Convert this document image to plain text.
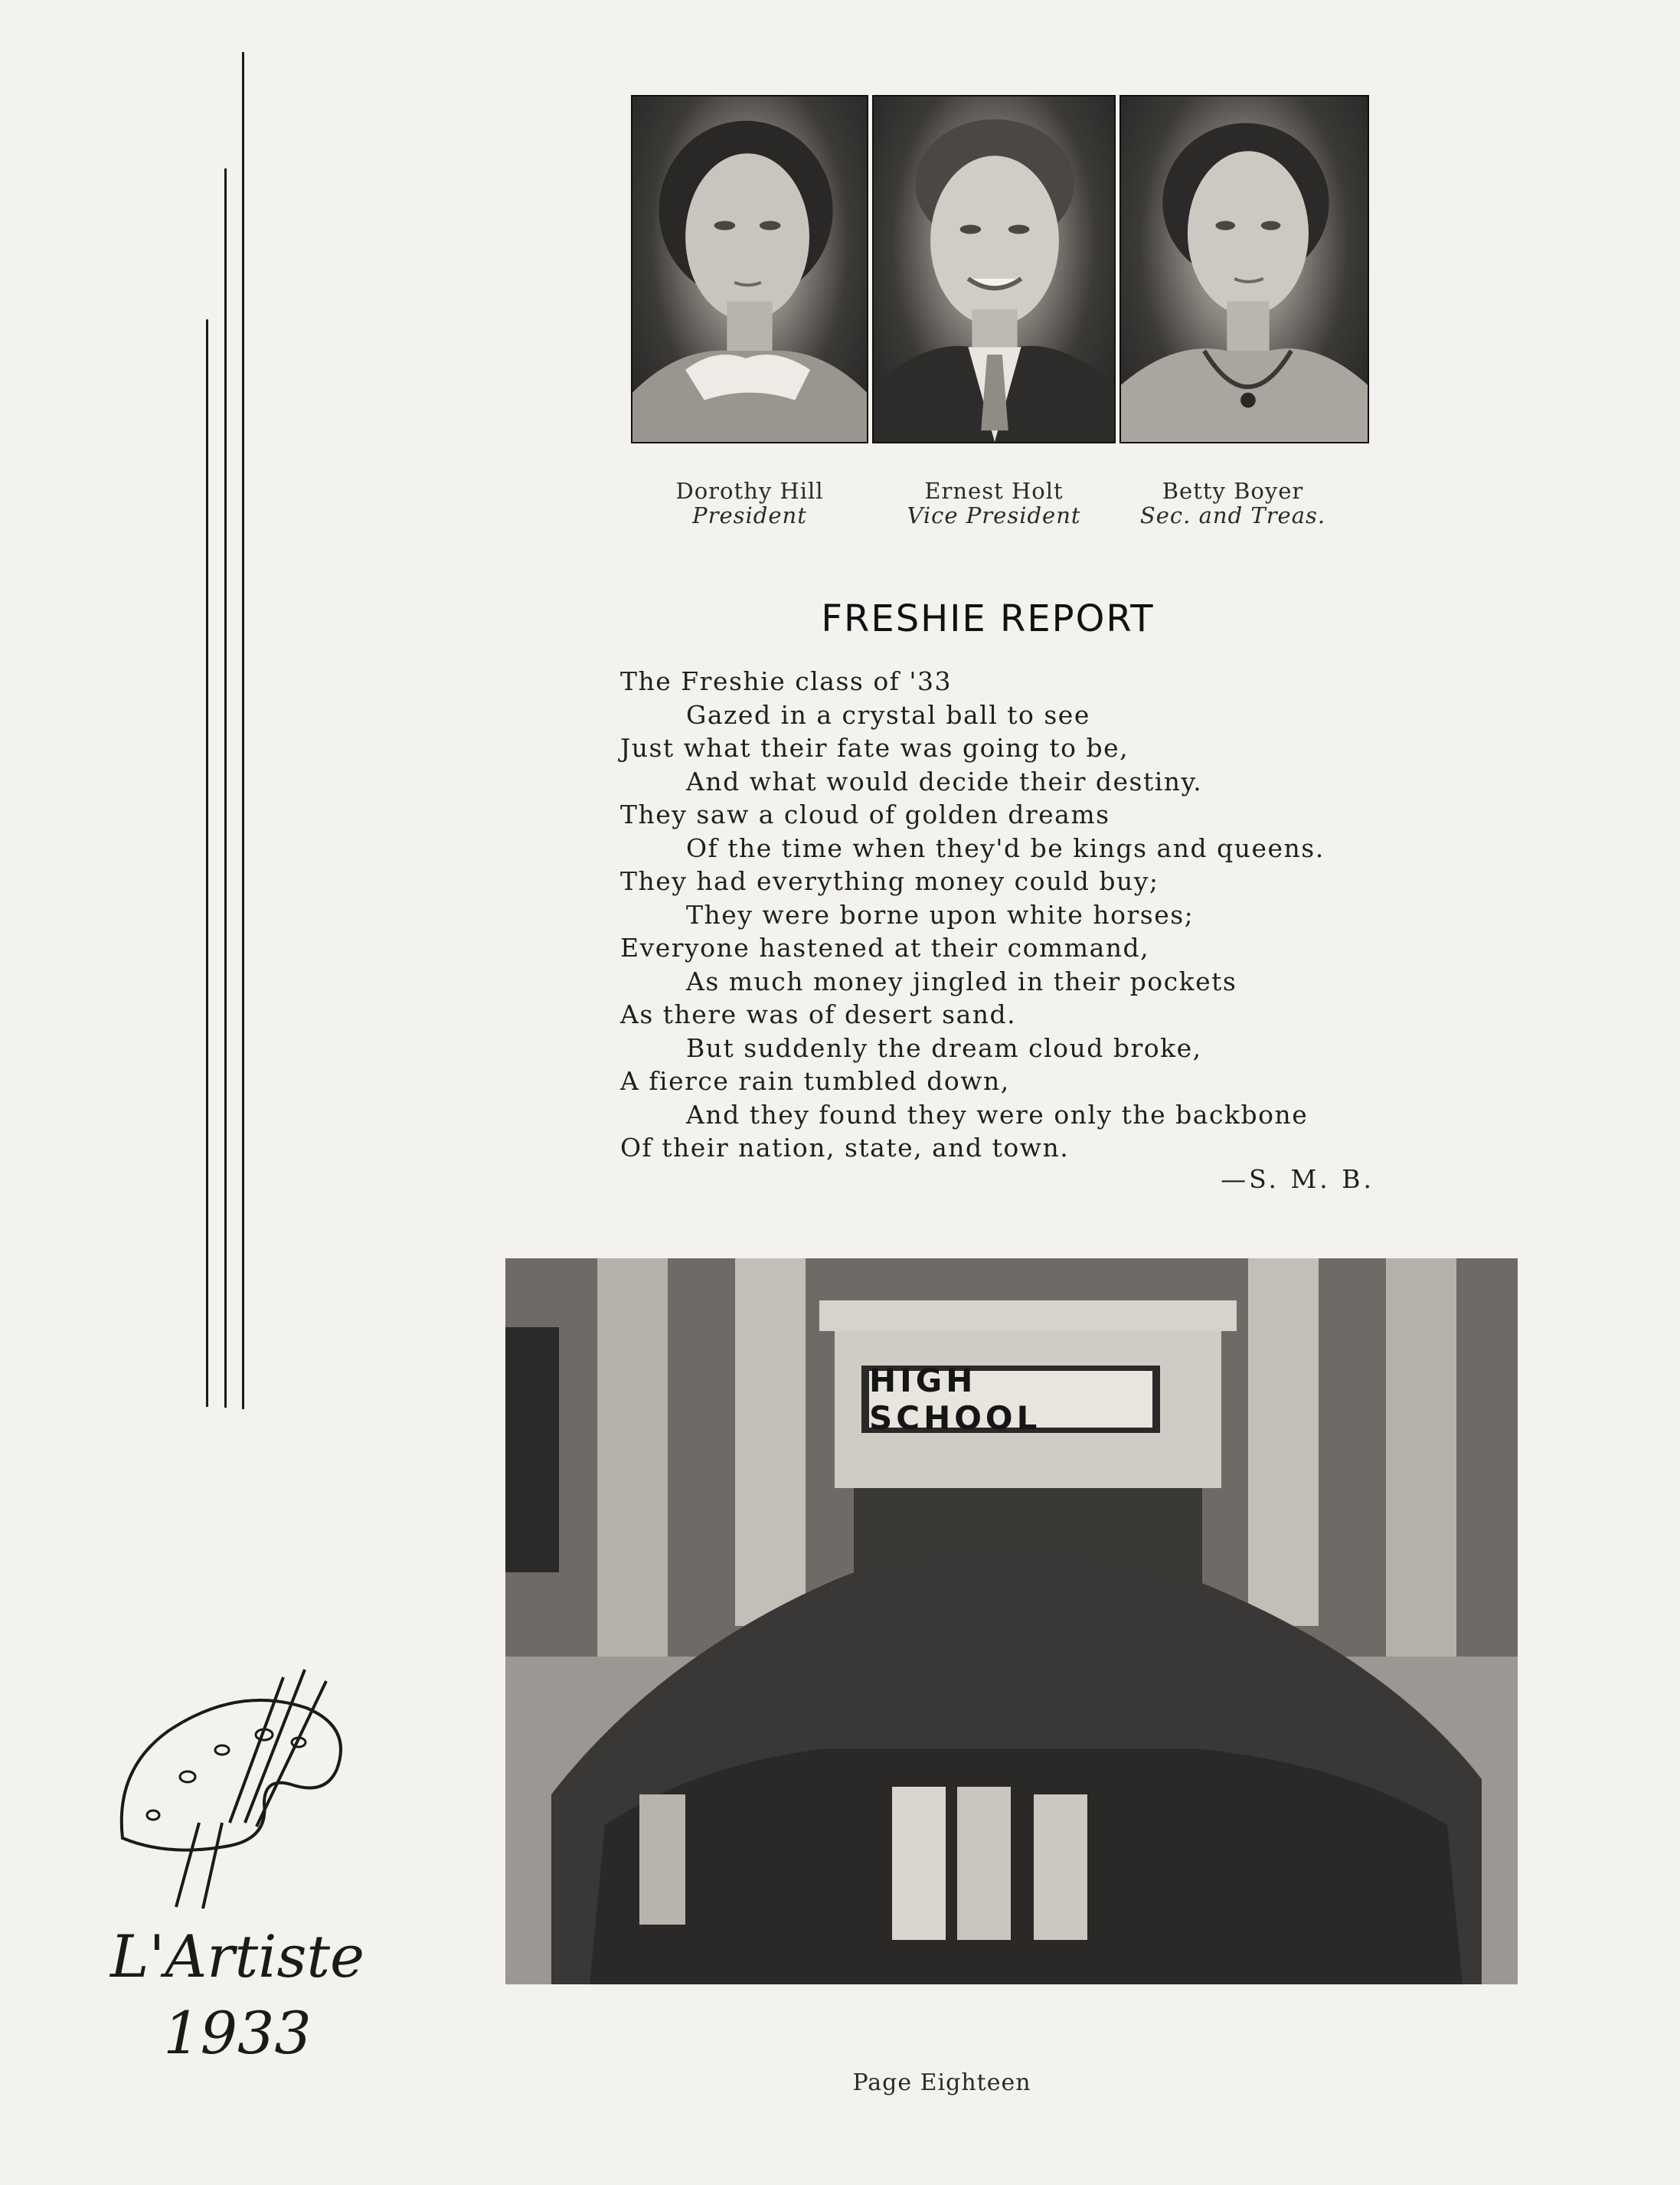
Dorothy Hill
President
Ernest Holt
Vice President
Betty Boyer
Sec. and Treas.
FRESHIE REPORT
The Freshie class of '33
Gazed in a crystal ball to see
Just what their fate was going to be,
And what would decide their destiny.
They saw a cloud of golden dreams
Of the time when they'd be kings and queens.
They had everything money could buy;
They were borne upon white horses;
Everyone hastened at their command,
As much money jingled in their pockets
As there was of desert sand.
But suddenly the dream cloud broke,
A fierce rain tumbled down,
And they found they were only the backbone
Of their nation, state, and town.
—S. M. B.
HIGH SCHOOL
L'Artiste
1933
Page Eighteen
